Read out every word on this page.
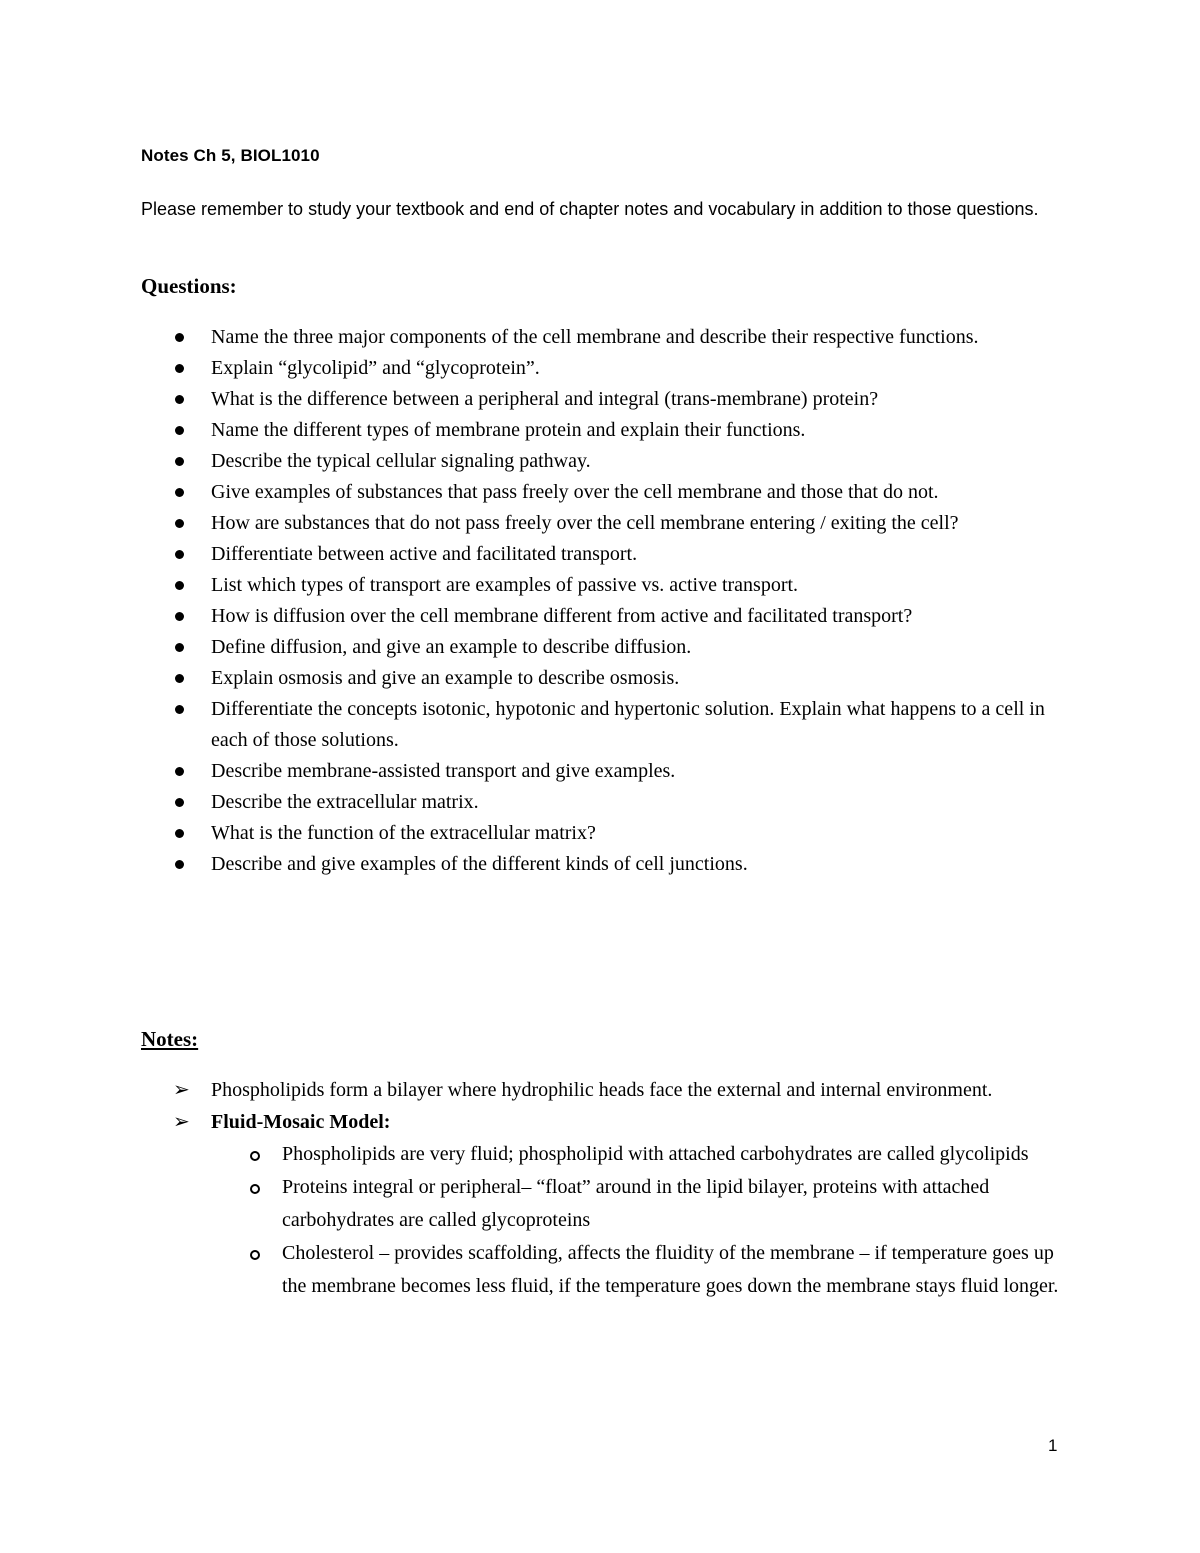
Notes Ch 5, BIOL1010
Please remember to study your textbook and end of chapter notes and vocabulary in addition to those questions.
Questions:
Name the three major components of the cell membrane and describe their respective functions.
Explain “glycolipid” and “glycoprotein”.
What is the difference between a peripheral and integral (trans-membrane) protein?
Name the different types of membrane protein and explain their functions.
Describe the typical cellular signaling pathway.
Give examples of substances that pass freely over the cell membrane and those that do not.
How are substances that do not pass freely over the cell membrane entering / exiting the cell?
Differentiate between active and facilitated transport.
List which types of transport are examples of passive vs. active transport.
How is diffusion over the cell membrane different from active and facilitated transport?
Define diffusion, and give an example to describe diffusion.
Explain osmosis and give an example to describe osmosis.
Differentiate the concepts isotonic, hypotonic and hypertonic solution. Explain what happens to a cell in each of those solutions.
Describe membrane-assisted transport and give examples.
Describe the extracellular matrix.
What is the function of the extracellular matrix?
Describe and give examples of the different kinds of cell junctions.
Notes:
➢ Phospholipids form a bilayer where hydrophilic heads face the external and internal environment.
➢ Fluid-Mosaic Model:
Phospholipids are very fluid; phospholipid with attached carbohydrates are called glycolipids
Proteins integral or peripheral– “float” around in the lipid bilayer, proteins with attached carbohydrates are called glycoproteins
Cholesterol – provides scaffolding, affects the fluidity of the membrane – if temperature goes up the membrane becomes less fluid, if the temperature goes down the membrane stays fluid longer.
1
